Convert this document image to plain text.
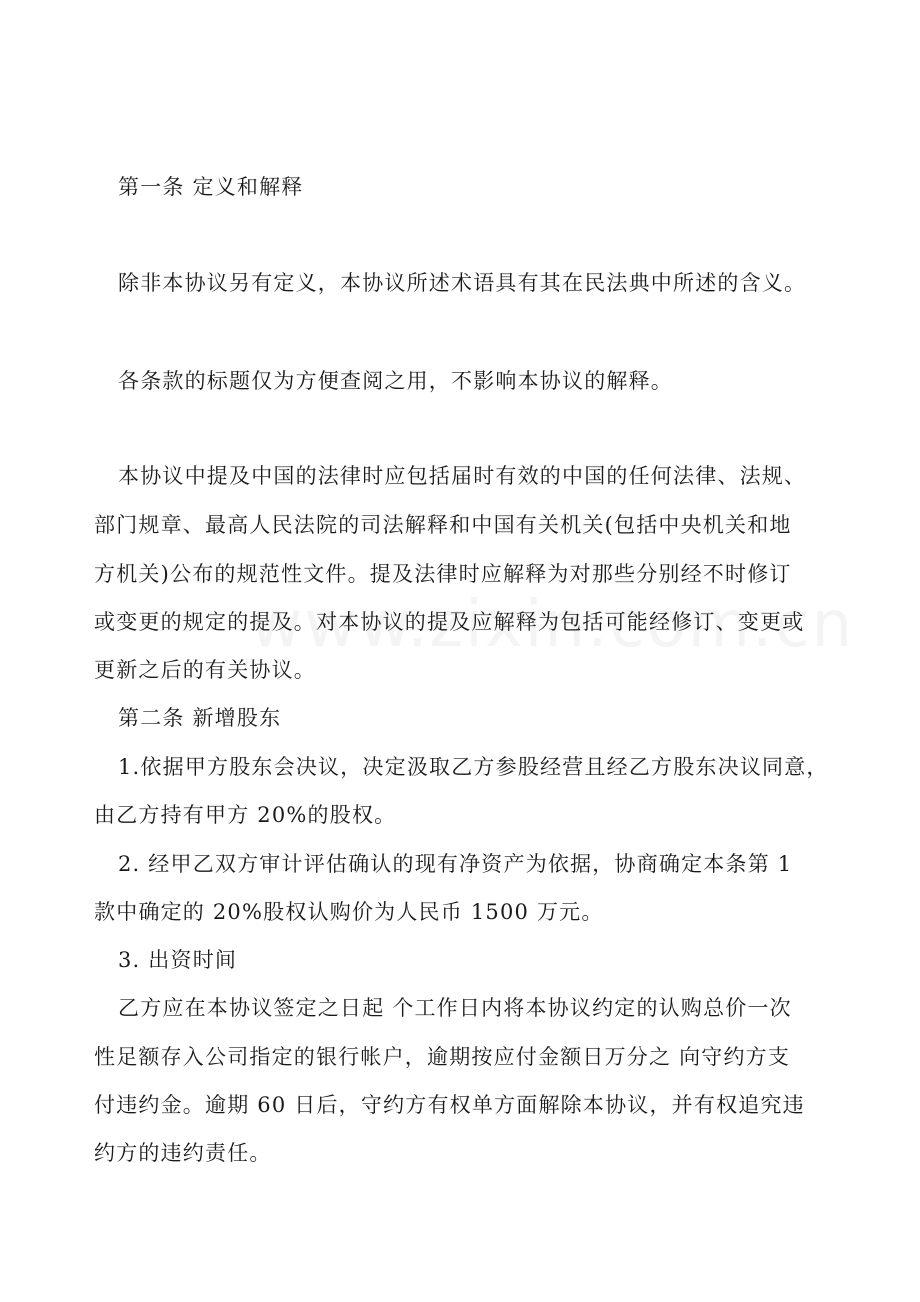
第一条 定义和解释
除非本协议另有定义，本协议所述术语具有其在民法典中所述的含义。
各条款的标题仅为方便查阅之用，不影响本协议的解释。
本协议中提及中国的法律时应包括届时有效的中国的任何法律、法规、
部门规章、最高人民法院的司法解释和中国有关机关(包括中央机关和地
方机关)公布的规范性文件。提及法律时应解释为对那些分别经不时修订
或变更的规定的提及。对本协议的提及应解释为包括可能经修订、变更或
更新之后的有关协议。
第二条 新增股东
1.依据甲方股东会决议，决定汲取乙方参股经营且经乙方股东决议同意，
由乙方持有甲方 20%的股权。
2. 经甲乙双方审计评估确认的现有净资产为依据，协商确定本条第 1
款中确定的 20%股权认购价为人民币 1500 万元。
3. 出资时间
乙方应在本协议签定之日起 个工作日内将本协议约定的认购总价一次
性足额存入公司指定的银行帐户，逾期按应付金额日万分之 向守约方支
付违约金。逾期 60 日后，守约方有权单方面解除本协议，并有权追究违
约方的违约责任。
